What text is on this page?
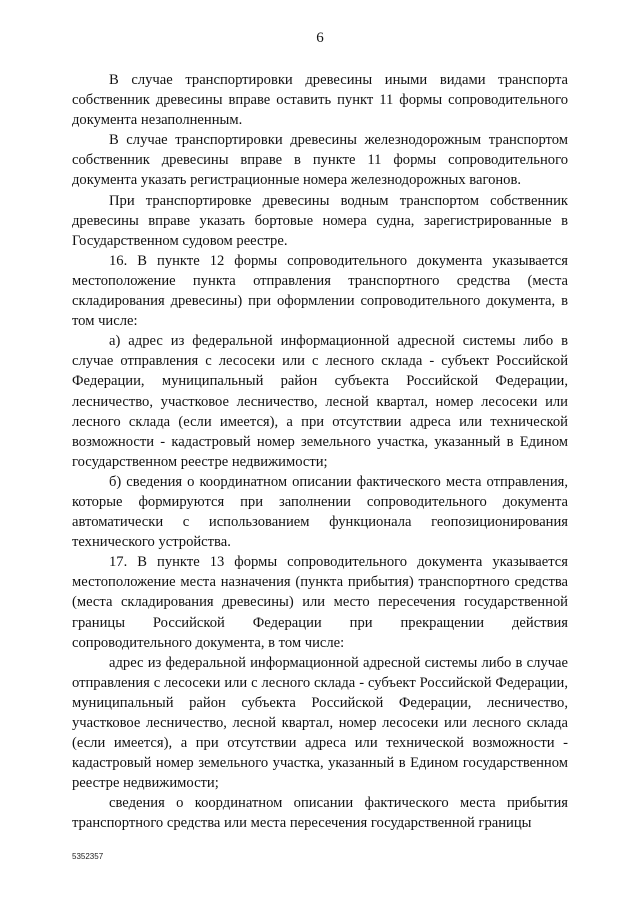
6

В случае транспортировки древесины иными видами транспорта собственник древесины вправе оставить пункт 11 формы сопроводительного документа незаполненным.

В случае транспортировки древесины железнодорожным транспортом собственник древесины вправе в пункте 11 формы сопроводительного документа указать регистрационные номера железнодорожных вагонов.

При транспортировке древесины водным транспортом собственник древесины вправе указать бортовые номера судна, зарегистрированные в Государственном судовом реестре.

16. В пункте 12 формы сопроводительного документа указывается местоположение пункта отправления транспортного средства (места складирования древесины) при оформлении сопроводительного документа, в том числе:

а) адрес из федеральной информационной адресной системы либо в случае отправления с лесосеки или с лесного склада - субъект Российской Федерации, муниципальный район субъекта Российской Федерации, лесничество, участковое лесничество, лесной квартал, номер лесосеки или лесного склада (если имеется), а при отсутствии адреса или технической возможности - кадастровый номер земельного участка, указанный в Едином государственном реестре недвижимости;

б) сведения о координатном описании фактического места отправления, которые формируются при заполнении сопроводительного документа автоматически с использованием функционала геопозиционирования технического устройства.

17. В пункте 13 формы сопроводительного документа указывается местоположение места назначения (пункта прибытия) транспортного средства (места складирования древесины) или место пересечения государственной границы Российской Федерации при прекращении действия сопроводительного документа, в том числе:

адрес из федеральной информационной адресной системы либо в случае отправления с лесосеки или с лесного склада - субъект Российской Федерации, муниципальный район субъекта Российской Федерации, лесничество, участковое лесничество, лесной квартал, номер лесосеки или лесного склада (если имеется), а при отсутствии адреса или технической возможности - кадастровый номер земельного участка, указанный в Едином государственном реестре недвижимости;

сведения о координатном описании фактического места прибытия транспортного средства или места пересечения государственной границы

5352357
